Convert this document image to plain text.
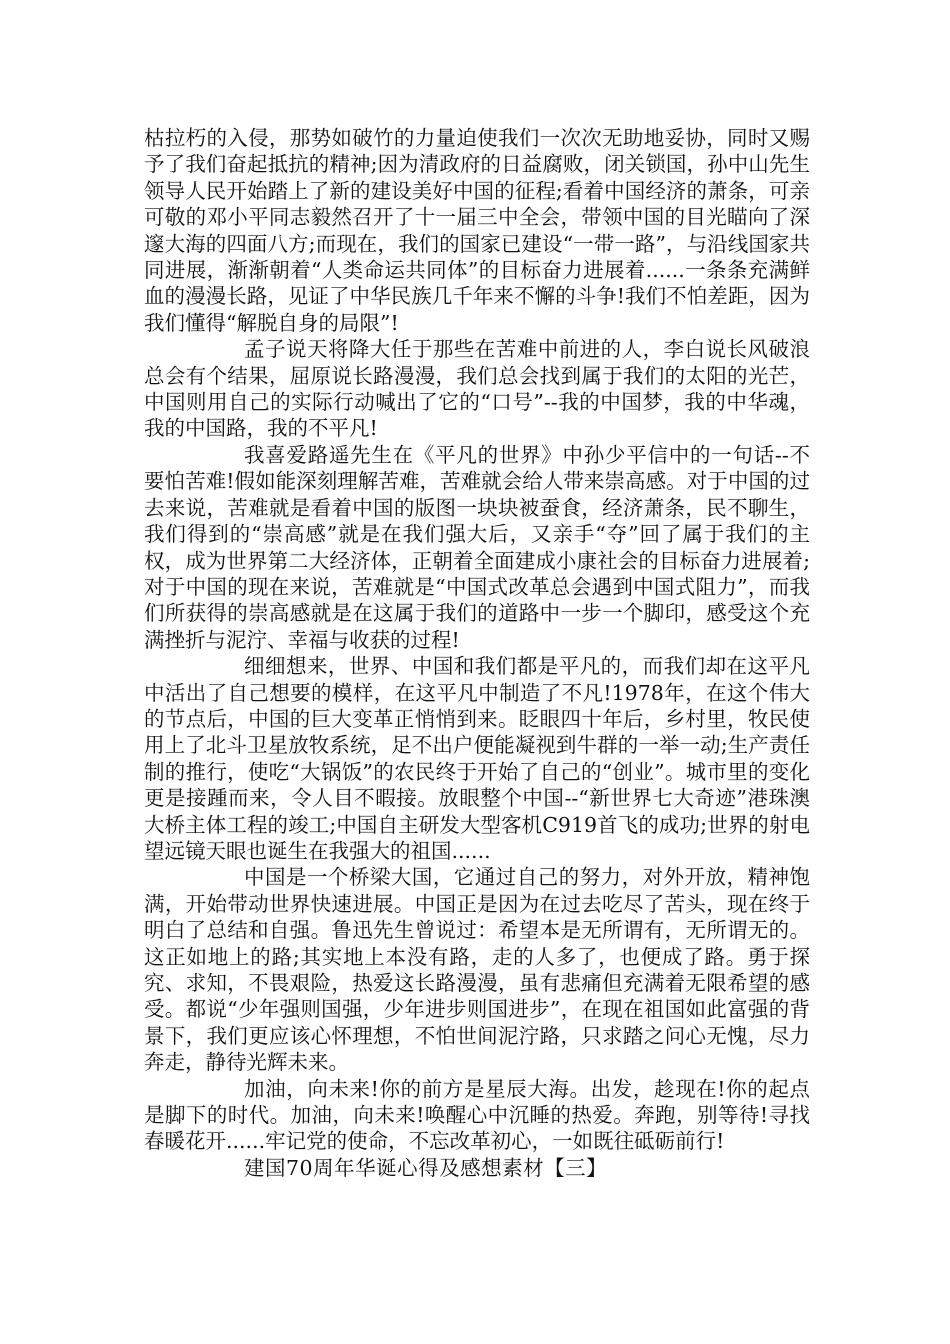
枯拉朽的入侵，那势如破竹的力量迫使我们一次次无助地妥协，同时又赐予了我们奋起抵抗的精神;因为清政府的日益腐败，闭关锁国，孙中山先生领导人民开始踏上了新的建设美好中国的征程;看着中国经济的萧条，可亲可敬的邓小平同志毅然召开了十一届三中全会，带领中国的目光瞄向了深邃大海的四面八方;而现在，我们的国家已建设“一带一路”，与沿线国家共同进展，渐渐朝着“人类命运共同体”的目标奋力进展着......一条条充满鲜血的漫漫长路，见证了中华民族几千年来不懈的斗争!我们不怕差距，因为我们懂得“解脱自身的局限”!

孟子说天将降大任于那些在苦难中前进的人，李白说长风破浪总会有个结果，屈原说长路漫漫，我们总会找到属于我们的太阳的光芒，中国则用自己的实际行动喊出了它的“口号”--我的中国梦，我的中华魂，我的中国路，我的不平凡!

我喜爱路遥先生在《平凡的世界》中孙少平信中的一句话--不要怕苦难!假如能深刻理解苦难，苦难就会给人带来崇高感。对于中国的过去来说，苦难就是看着中国的版图一块块被蚕食，经济萧条，民不聊生，我们得到的“崇高感”就是在我们强大后，又亲手“夺”回了属于我们的主权，成为世界第二大经济体，正朝着全面建成小康社会的目标奋力进展着;对于中国的现在来说，苦难就是“中国式改革总会遇到中国式阻力”，而我们所获得的崇高感就是在这属于我们的道路中一步一个脚印，感受这个充满挫折与泥泞、幸福与收获的过程!

细细想来，世界、中国和我们都是平凡的，而我们却在这平凡中活出了自己想要的模样，在这平凡中制造了不凡!1978年，在这个伟大的节点后，中国的巨大变革正悄悄到来。眨眼四十年后，乡村里，牧民使用上了北斗卫星放牧系统，足不出户便能凝视到牛群的一举一动;生产责任制的推行，使吃“大锅饭”的农民终于开始了自己的“创业”。城市里的变化更是接踵而来，令人目不暇接。放眼整个中国--“新世界七大奇迹”港珠澳大桥主体工程的竣工;中国自主研发大型客机C919首飞的成功;世界的射电望远镜天眼也诞生在我强大的祖国......

中国是一个桥梁大国，它通过自己的努力，对外开放，精神饱满，开始带动世界快速进展。中国正是因为在过去吃尽了苦头，现在终于明白了总结和自强。鲁迅先生曾说过：希望本是无所谓有，无所谓无的。这正如地上的路;其实地上本没有路，走的人多了，也便成了路。勇于探究、求知，不畏艰险，热爱这长路漫漫，虽有悲痛但充满着无限希望的感受。都说“少年强则国强，少年进步则国进步”，在现在祖国如此富强的背景下，我们更应该心怀理想，不怕世间泥泞路，只求踏之问心无愧，尽力奔走，静待光辉未来。

加油，向未来!你的前方是星辰大海。出发，趁现在!你的起点是脚下的时代。加油，向未来!唤醒心中沉睡的热爱。奔跑，别等待!寻找春暖花开......牢记党的使命，不忘改革初心，一如既往砥砺前行!

建国70周年华诞心得及感想素材【三】
